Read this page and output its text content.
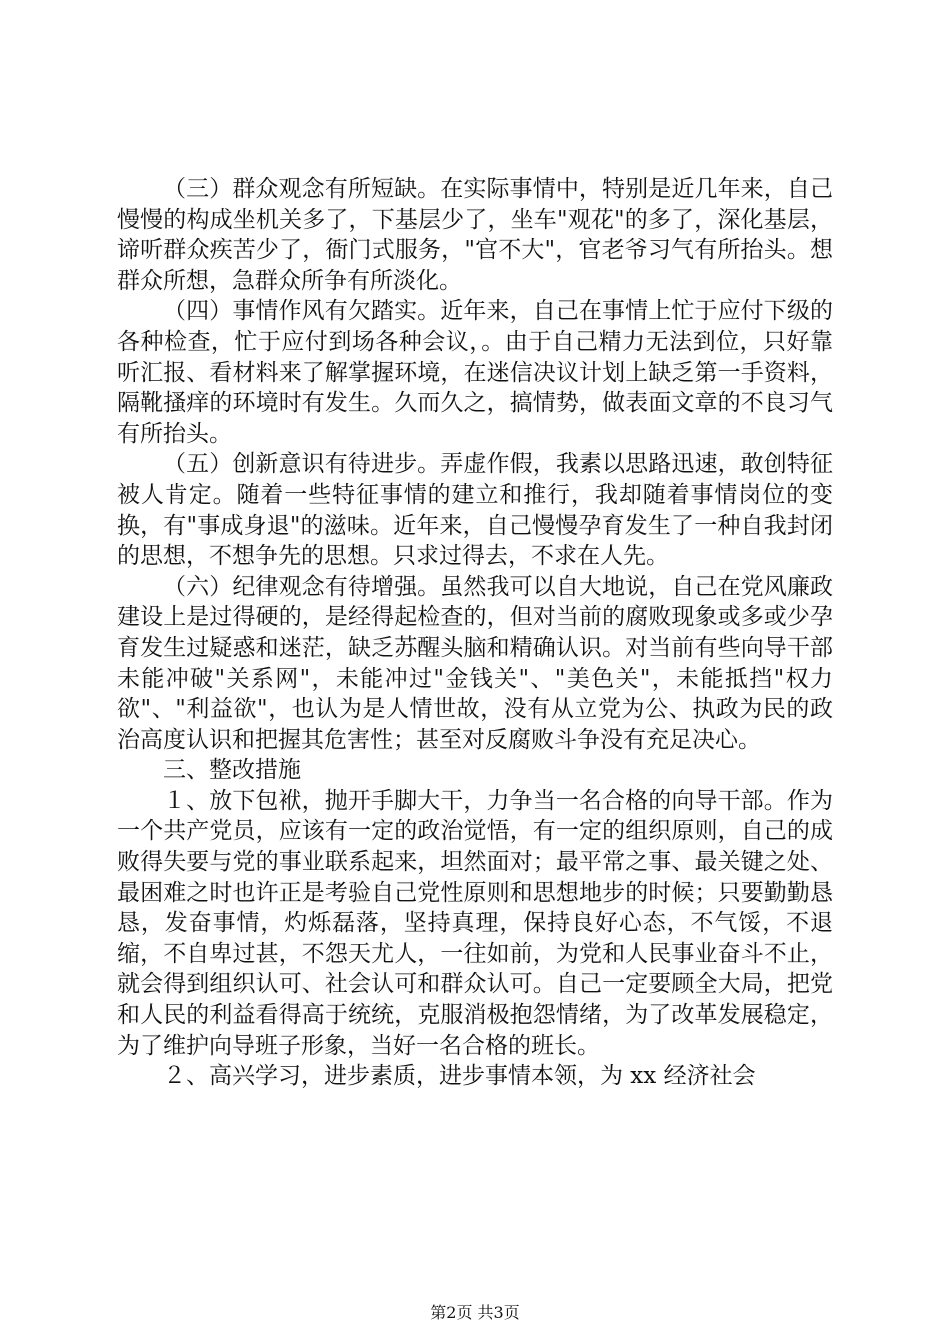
（三）群众观念有所短缺。在实际事情中，特别是近几年来，自己慢慢的构成坐机关多了，下基层少了，坐车"观花"的多了，深化基层，谛听群众疾苦少了，衙门式服务，"官不大"，官老爷习气有所抬头。想群众所想，急群众所争有所淡化。

（四）事情作风有欠踏实。近年来，自己在事情上忙于应付下级的各种检查，忙于应付到场各种会议，。由于自己精力无法到位，只好靠听汇报、看材料来了解掌握环境，在迷信决议计划上缺乏第一手资料，隔靴搔痒的环境时有发生。久而久之，搞情势，做表面文章的不良习气有所抬头。

（五）创新意识有待进步。弄虚作假，我素以思路迅速，敢创特征被人肯定。随着一些特征事情的建立和推行，我却随着事情岗位的变换，有"事成身退"的滋味。近年来，自己慢慢孕育发生了一种自我封闭的思想，不想争先的思想。只求过得去，不求在人先。

（六）纪律观念有待增强。虽然我可以自大地说，自己在党风廉政建设上是过得硬的，是经得起检查的，但对当前的腐败现象或多或少孕育发生过疑惑和迷茫，缺乏苏醒头脑和精确认识。对当前有些向导干部未能冲破"关系网"，未能冲过"金钱关"、"美色关"，未能抵挡"权力欲"、"利益欲"，也认为是人情世故，没有从立党为公、执政为民的政治高度认识和把握其危害性；甚至对反腐败斗争没有充足决心。

三、整改措施

１、放下包袱，抛开手脚大干，力争当一名合格的向导干部。作为一个共产党员，应该有一定的政治觉悟，有一定的组织原则，自己的成败得失要与党的事业联系起来，坦然面对；最平常之事、最关键之处、最困难之时也许正是考验自己党性原则和思想地步的时候；只要勤勤恳恳，发奋事情，灼烁磊落，坚持真理，保持良好心态，不气馁，不退缩，不自卑过甚，不怨天尤人，一往如前，为党和人民事业奋斗不止，就会得到组织认可、社会认可和群众认可。自己一定要顾全大局，把党和人民的利益看得高于统统，克服消极抱怨情绪，为了改革发展稳定，为了维护向导班子形象，当好一名合格的班长。

２、高兴学习，进步素质，进步事情本领，为 xx 经济社会

第2页 共3页
